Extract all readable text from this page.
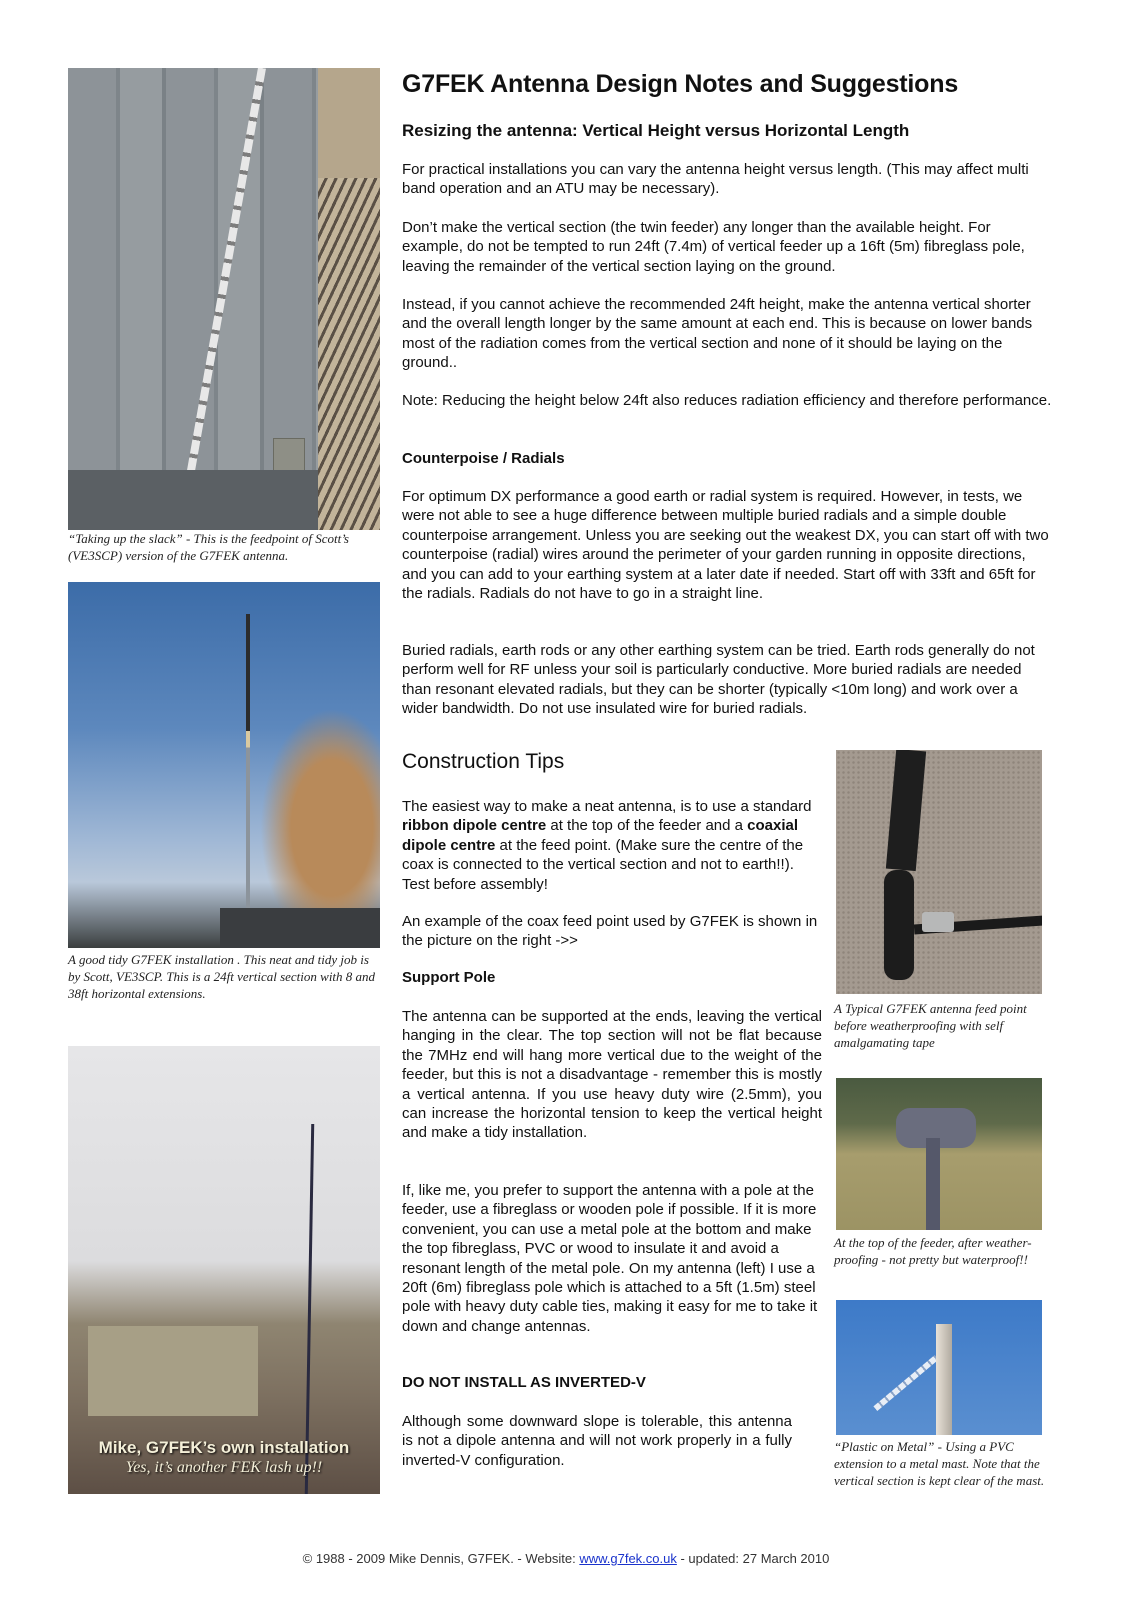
“Taking up the slack” - This is the feedpoint of Scott’s (VE3SCP) version of the G7FEK antenna.
A good tidy G7FEK installation . This neat and tidy job is by Scott, VE3SCP. This is a 24ft vertical section with 8 and 38ft horizontal extensions.
Mike, G7FEK’s own installation
Yes, it’s another FEK lash up!!
G7FEK Antenna Design Notes and Suggestions
Resizing the antenna: Vertical Height versus Horizontal Length
For practical installations you can vary the antenna height versus length. (This may affect multi band operation and an ATU may be necessary).
Don’t make the vertical section (the twin feeder) any longer than the available height. For example, do not be tempted to run 24ft (7.4m) of vertical feeder up a 16ft (5m) fibreglass pole, leaving the remainder of the vertical section laying on the ground.
Instead, if you cannot achieve the recommended 24ft height, make the antenna vertical shorter and the overall length longer by the same amount at each end. This is because on lower bands most of the radiation comes from the vertical section and none of it should be laying on the ground..
Note: Reducing the height below 24ft also reduces radiation efficiency and therefore performance.
Counterpoise / Radials
For optimum DX performance a good earth or radial system is required. However, in tests, we were not able to see a huge difference between multiple buried radials and a simple double counterpoise arrangement. Unless you are seeking out the weakest DX, you can start off with two counterpoise (radial) wires around the perimeter of your garden running in opposite directions, and you can add to your earthing system at a later date if needed. Start off with 33ft and 65ft for the radials. Radials do not have to go in a straight line.
Buried radials, earth rods or any other earthing system can be tried. Earth rods generally do not perform well for RF unless your soil is particularly conductive. More buried radials are needed than resonant elevated radials, but they can be shorter (typically <10m long) and work over a wider bandwidth. Do not use insulated wire for buried radials.
Construction Tips
The easiest way to make a neat antenna, is to use a standard ribbon dipole centre at the top of the feeder and a coaxial dipole centre at the feed point. (Make sure the centre of the coax is connected to the vertical section and not to earth!!). Test before assembly!
An example of the coax feed point used by G7FEK is shown in the picture on the right ->>
Support Pole
The antenna can be supported at the ends, leaving the vertical hanging in the clear. The top section will not be flat because the 7MHz end will hang more vertical due to the weight of the feeder, but this is not a disadvantage - remember this is mostly a vertical antenna. If you use heavy duty wire (2.5mm), you can increase the horizontal tension to keep the vertical height and make a tidy installation.
If, like me, you prefer to support the antenna with a pole at the feeder, use a fibreglass or wooden pole if possible. If it is more convenient, you can use a metal pole at the bottom and make the top fibreglass, PVC or wood to insulate it and avoid a resonant length of the metal pole. On my antenna (left) I use a 20ft (6m) fibreglass pole which is attached to a 5ft (1.5m) steel pole with heavy duty cable ties, making it easy for me to take it down and change antennas.
DO NOT INSTALL AS INVERTED-V
Although some downward slope is tolerable, this antenna is not a dipole antenna and will not work properly in a fully inverted-V configuration.
A Typical G7FEK antenna feed point before weatherproofing with self amalgamating tape
At the top of the feeder, after weather-proofing - not pretty but waterproof!!
“Plastic on Metal” - Using a PVC extension to a metal mast. Note that the vertical section is kept clear of the mast.
© 1988 - 2009 Mike Dennis, G7FEK. - Website: www.g7fek.co.uk - updated: 27 March 2010
